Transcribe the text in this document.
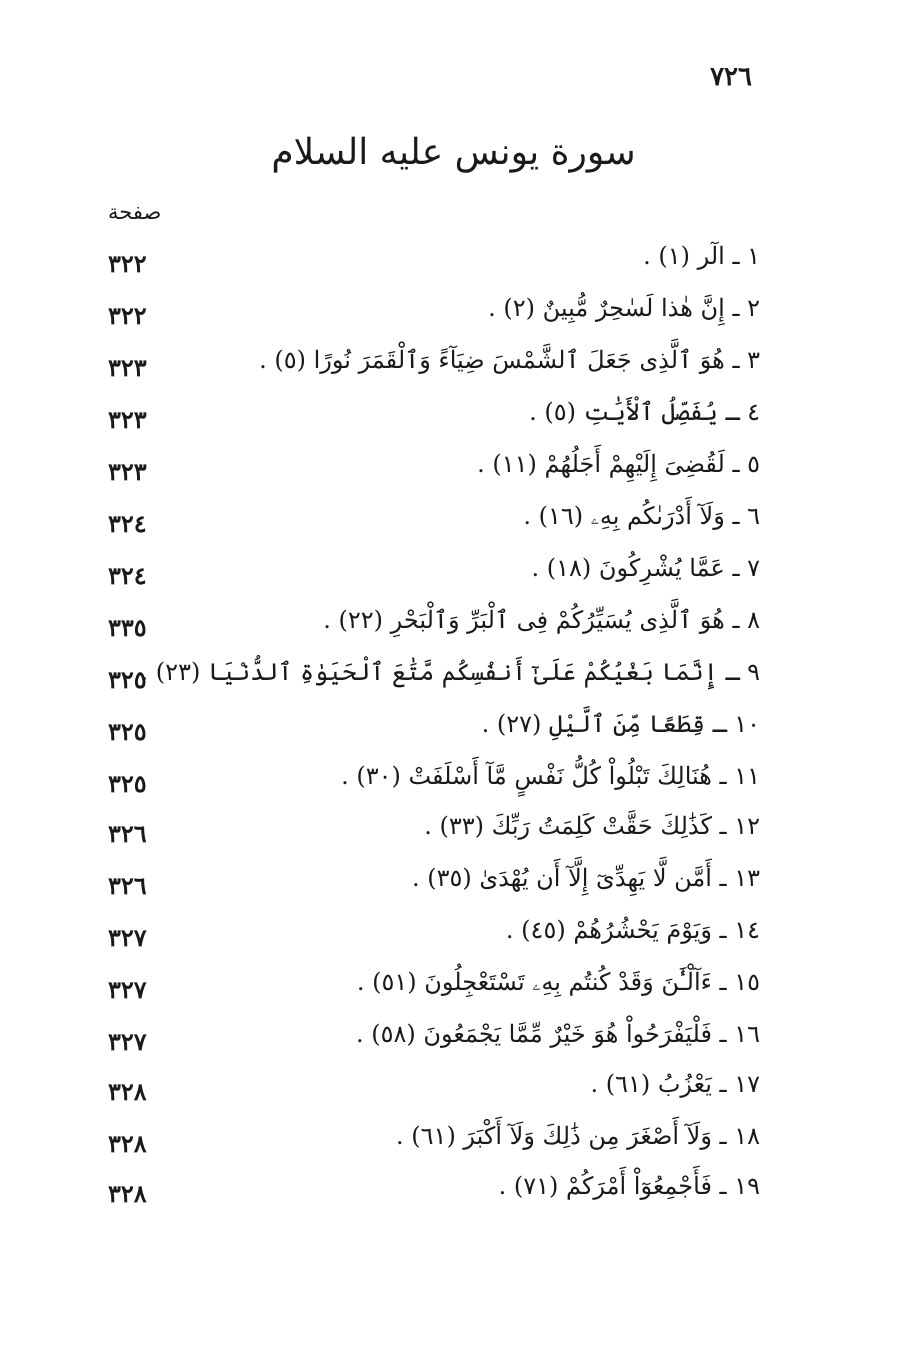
٧٢٦
سورة يونس عليه السلام
صفحة
١ ـ الٓر (١) .
٣٢٢
٢ ـ إِنَّ هٰذا لَسٰحِرٌ مُّبِينٌ (٢) .
٣٢٢
٣ ـ هُوَ ٱلَّذِى جَعَلَ ٱلشَّمْسَ ضِيَآءً وَٱلْقَمَرَ نُورًا (٥) .
٣٢٣
٤ ـ يُفَصِّلُ ٱلْأَيَٰتِ (٥) .
٣٢٣
٥ ـ لَقُضِىَ إِلَيْهِمْ أَجَلُهُمْ (١١) .
٣٢٣
٦ ـ وَلَآ أَدْرَىٰكُم بِهِۦ (١٦) .
٣٢٤
٧ ـ عَمَّا يُشْرِكُونَ (١٨) .
٣٢٤
٨ ـ هُوَ ٱلَّذِى يُسَيِّرُكُمْ فِى ٱلْبَرِّ وَٱلْبَحْرِ (٢٢) .
٣٣٥
٩ ـ إِنَّمَا بَغْيُكُمْ عَلَىٰٓ أَنفُسِكُم مَّتَٰعَ ٱلْحَيَوٰةِ ٱلدُّنْيَا (٢٣) .
٣٢٥
١٠ ـ قِطَعًا مِّنَ ٱلَّيْلِ (٢٧) .
٣٢٥
١١ ـ هُنَالِكَ تَبْلُواْ كُلُّ نَفْسٍ مَّآ أَسْلَفَتْ (٣٠) .
٣٢٥
١٢ ـ كَذَٰلِكَ حَقَّتْ كَلِمَتُ رَبِّكَ (٣٣) .
٣٢٦
١٣ ـ أَمَّن لَّا يَهِدِّىٓ إِلَّآ أَن يُهْدَىٰ (٣٥) .
٣٢٦
١٤ ـ وَيَوْمَ يَحْشُرُهُمْ (٤٥) .
٣٢٧
١٥ ـ ءَآلْـَٰٔنَ وَقَدْ كُنتُم بِهِۦ تَسْتَعْجِلُونَ (٥١) .
٣٢٧
١٦ ـ فَلْيَفْرَحُواْ هُوَ خَيْرٌ مِّمَّا يَجْمَعُونَ (٥٨) .
٣٢٧
١٧ ـ يَعْزُبُ (٦١) .
٣٢٨
١٨ ـ وَلَآ أَصْغَرَ مِن ذَٰلِكَ وَلَآ أَكْبَرَ (٦١) .
٣٢٨
١٩ ـ فَأَجْمِعُوٓاْ أَمْرَكُمْ (٧١) .
٣٢٨
